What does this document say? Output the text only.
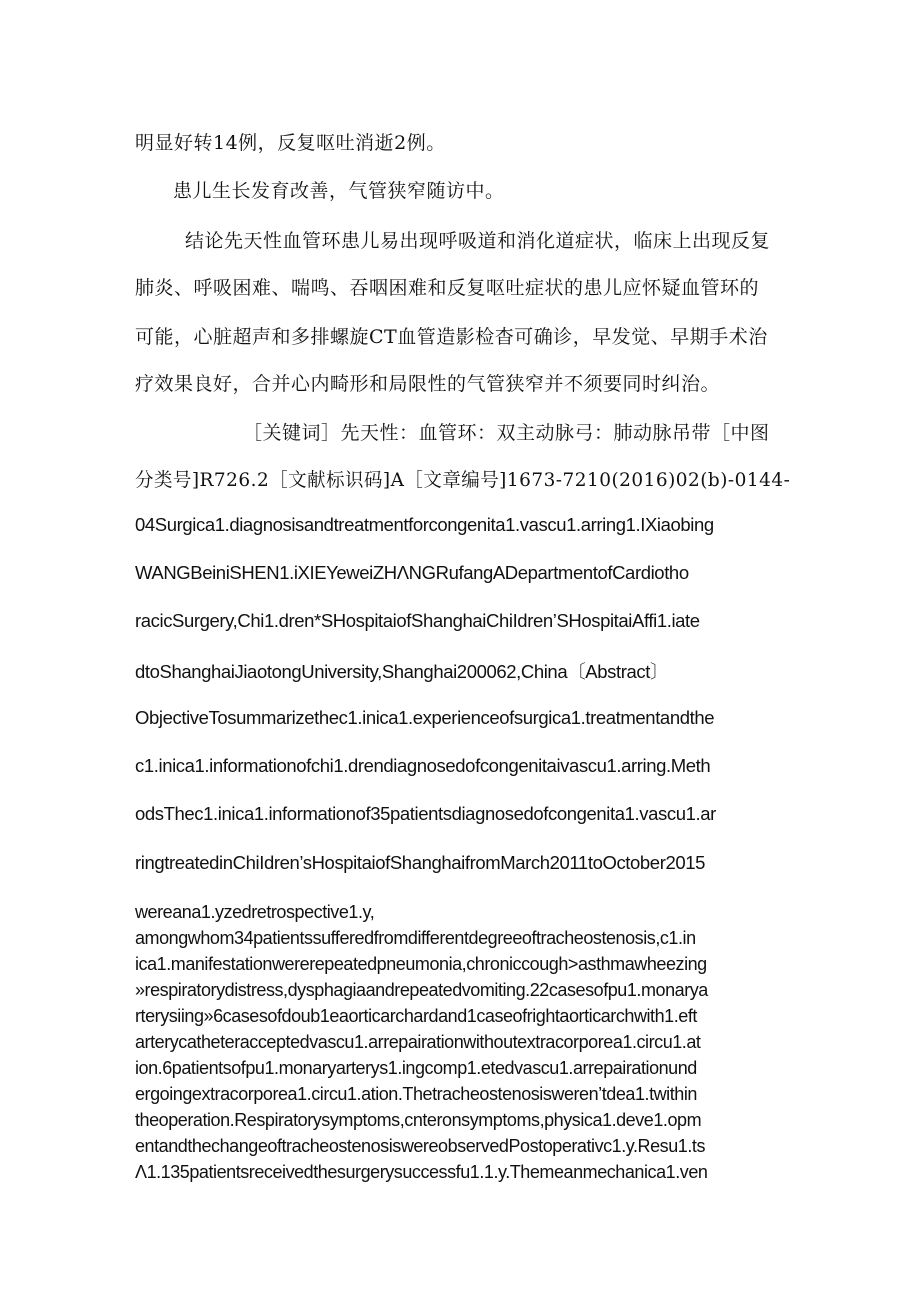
明显好转14例，反复呕吐消逝2例。

患儿生长发育改善，气管狭窄随访中。

结论先天性血管环患儿易出现呼吸道和消化道症状，临床上出现反复

肺炎、呼吸困难、喘鸣、吞咽困难和反复呕吐症状的患儿应怀疑血管环的

可能，心脏超声和多排螺旋CT血管造影检杳可确诊，早发觉、早期手术治

疗效果良好，合并心内畸形和局限性的气管狭窄并不须要同时纠治。

［关键词］先天性：血管环：双主动脉弓：肺动脉吊带［中图

分类号]R726.2［文献标识码]A［文章编号]1673-7210(2016)02(b)-0144-

04Surgica1.diagnosisandtreatmentforcongenita1.vascu1.arring1.IXiaobing

WANGBeiniSHEN1.iXIEYeweiZHΛNGRufangADepartmentofCardiotho

racicSurgery,Chi1.dren*SHospitaiofShanghaiChiIdren’SHospitaiAffi1.iate

dtoShanghaiJiaotongUniversity,Shanghai200062,China〔Abstract〕

ObjectiveTosummarizethec1.inica1.experienceofsurgica1.treatmentandthe

c1.inica1.informationofchi1.drendiagnosedofcongenitaivascu1.arring.Meth

odsThec1.inica1.informationof35patientsdiagnosedofcongenita1.vascu1.ar

ringtreatedinChiIdren’sHospitaiofShanghaifromMarch2011toOctober2015

wereana1.yzedretrospective1.y,

amongwhom34patientssufferedfromdifferentdegreeoftracheostenosis,c1.in

ica1.manifestationwererepeatedpneumonia,chroniccough>asthmawheezing

»respiratorydistress,dysphagiaandrepeatedvomiting.22casesofpu1.monarya

rterysiing»6casesofdoub1eaorticarchardand1caseofrightaorticarchwith1.eft

arterycatheteracceptedvascu1.arrepairationwithoutextracorporea1.circu1.at

ion.6patientsofpu1.monaryarterys1.ingcomp1.etedvascu1.arrepairationund

ergoingextracorporea1.circu1.ation.Thetracheostenosisweren’tdea1.twithin

theoperation.Respiratorysymptoms,cnteronsymptoms,physica1.deve1.opm

entandthechangeoftracheostenosiswereobservedPostoperativc1.y.Resu1.ts

Λ1.135patientsreceivedthesurgerysuccessfu1.1.y.Themeanmechanica1.ven
